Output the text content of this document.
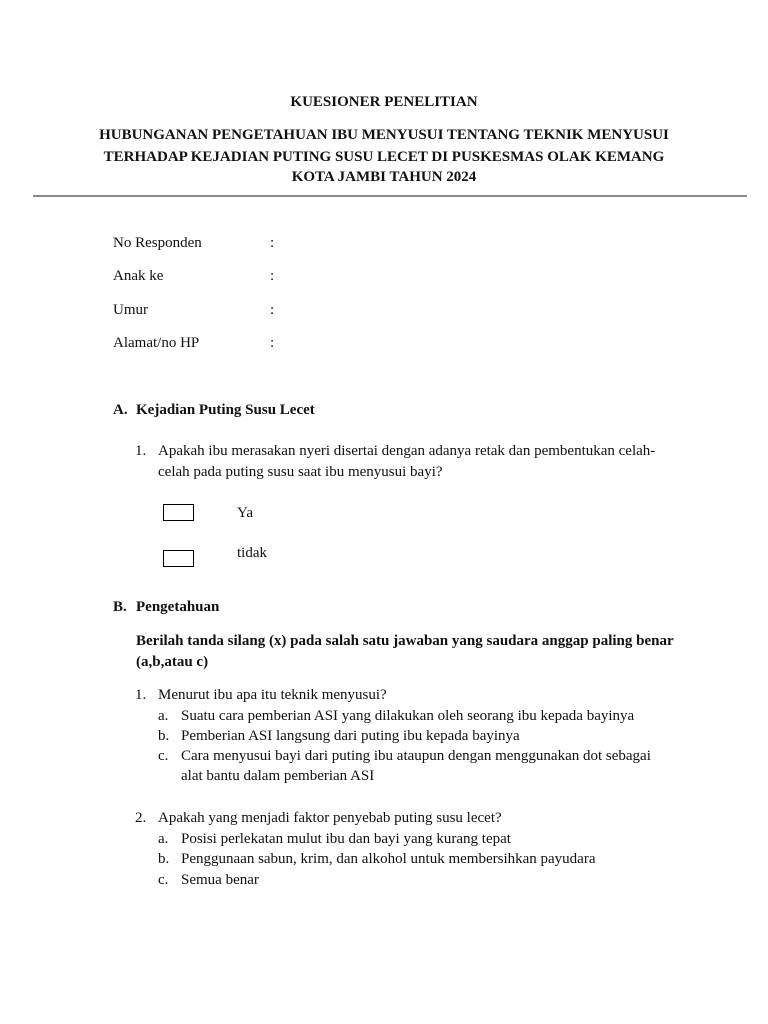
KUESIONER PENELITIAN
HUBUNGANAN PENGETAHUAN IBU MENYUSUI TENTANG TEKNIK MENYUSUI
TERHADAP KEJADIAN PUTING SUSU LECET DI PUSKESMAS OLAK KEMANG
KOTA JAMBI TAHUN 2024
No Responden	:
Anak ke	:
Umur	:
Alamat/no HP	:
A. Kejadian Puting Susu Lecet
1. Apakah ibu merasakan nyeri disertai dengan adanya retak dan pembentukan celah-celah pada puting susu saat ibu menyusui bayi?
Ya
tidak
B. Pengetahuan
Berilah tanda silang (x) pada salah satu jawaban yang saudara anggap paling benar (a,b,atau c)
1. Menurut ibu apa itu teknik menyusui?
a. Suatu cara pemberian ASI yang dilakukan oleh seorang ibu kepada bayinya
b. Pemberian ASI langsung dari puting ibu kepada bayinya
c. Cara menyusui bayi dari puting ibu ataupun dengan menggunakan dot sebagai alat bantu dalam pemberian ASI
2. Apakah yang menjadi faktor penyebab puting susu lecet?
a. Posisi perlekatan mulut ibu dan bayi yang kurang tepat
b. Penggunaan sabun, krim, dan alkohol untuk membersihkan payudara
c. Semua benar
